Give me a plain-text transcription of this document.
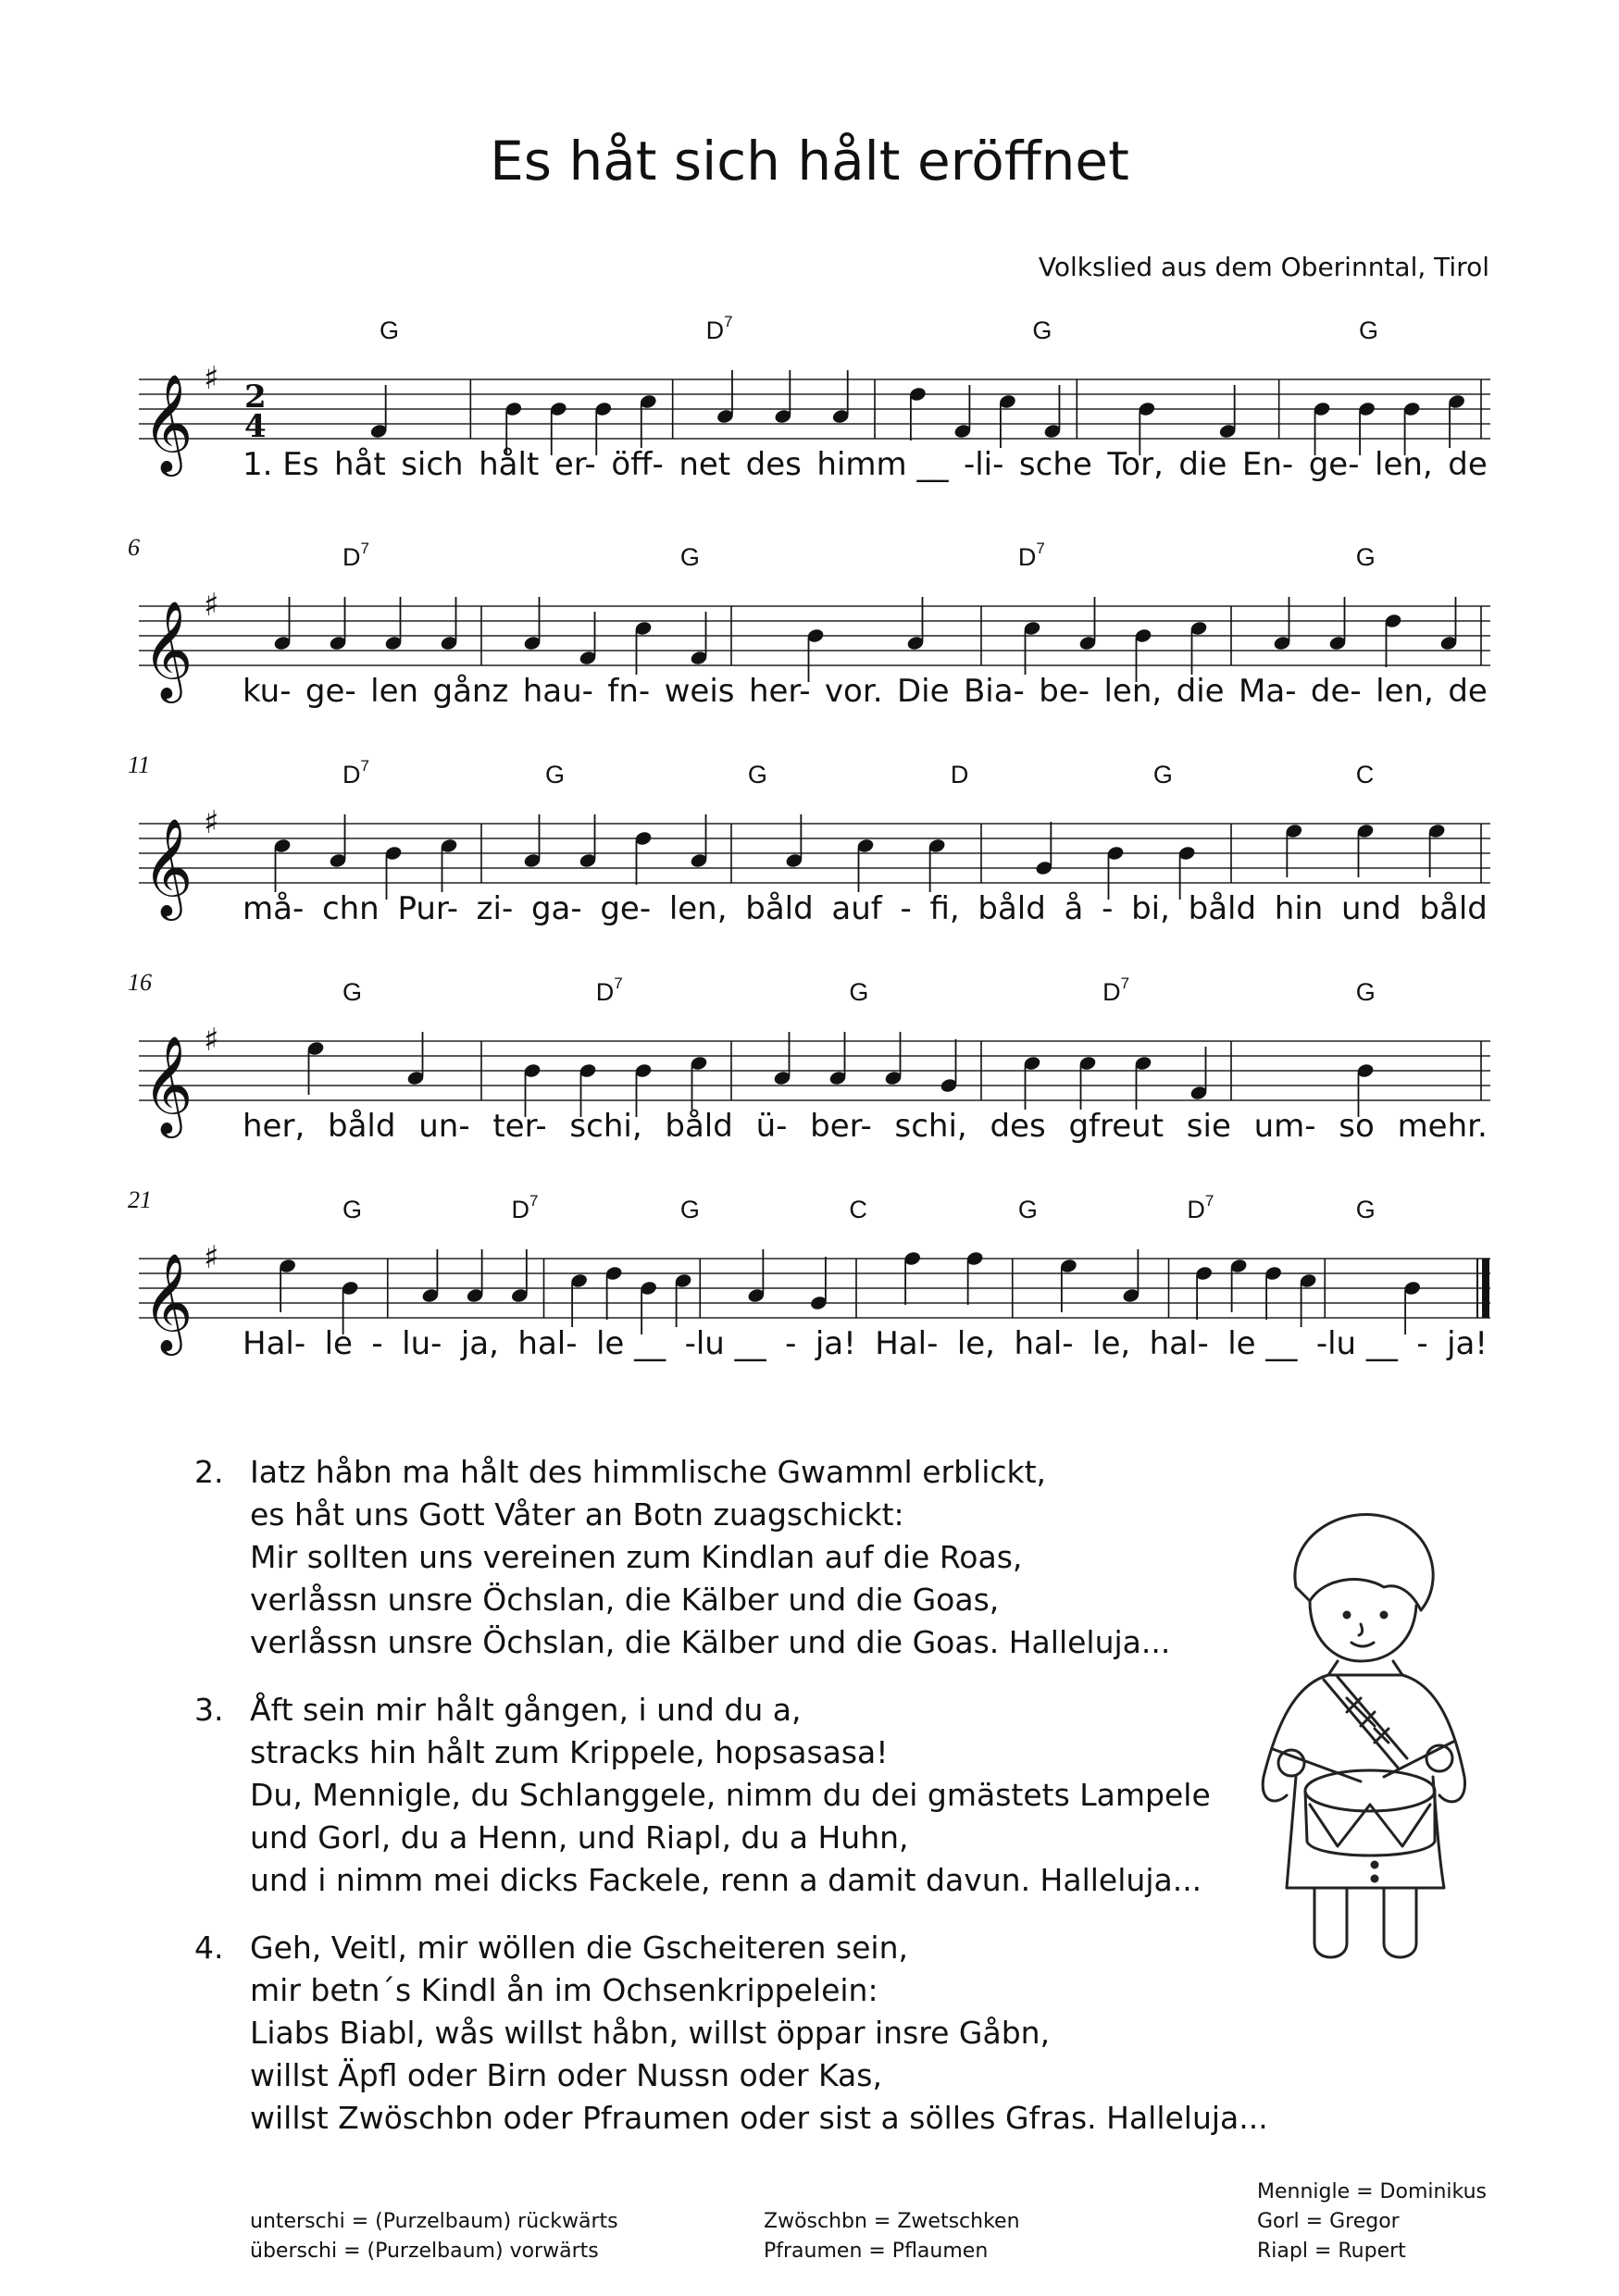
Es håt sich hålt eröffnet
Volkslied aus dem Oberinntal, Tirol
𝄞 ♯ 2
4
G	$D^7$	G	G
1. Es håt sich hålt er- öff- net des himm __ -li- sche Tor, die En- ge- len, de
𝄞 ♯
6	$D^7$	G	$D^7$	G
ku- ge- len gånz hau- fn- weis her- vor. Die Bia- be- len, die Ma- de- len, de
𝄞 ♯
11	$D^7$	G	G	D	G	C
må- chn Pur- zi- ga- ge- len, båld auf - fi, båld å - bi, båld hin und båld
𝄞 ♯
16	G	$D^7$	G	$D^7$	G
her, båld un- ter- schi, båld ü- ber- schi, des gfreut sie um- so mehr.
𝄞 ♯
21	G	$D^7$	G	C	G	$D^7$	G
Hal- le - lu- ja, hal- le __ -lu __ - ja! Hal- le, hal- le, hal- le __ -lu __ - ja!
2. Iatz håbn ma hålt des himmlische Gwamml erblickt,
es håt uns Gott Våter an Botn zuagschickt:
Mir sollten uns vereinen zum Kindlan auf die Roas,
verlåssn unsre Öchslan, die Kälber und die Goas,
verlåssn unsre Öchslan, die Kälber und die Goas. Halleluja...
3. Åft sein mir hålt gången, i und du a,
stracks hin hålt zum Krippele, hopsasasa!
Du, Mennigle, du Schlanggele, nimm du dei gmästets Lampele
und Gorl, du a Henn, und Riapl, du a Huhn,
und i nimm mei dicks Fackele, renn a damit davun. Halleluja...
4. Geh, Veitl, mir wöllen die Gscheiteren sein,
mir betn´s Kindl ån im Ochsenkrippelein:
Liabs Biabl, wås willst håbn, willst öppar insre Gåbn,
willst Äpfl oder Birn oder Nussn oder Kas,
willst Zwöschbn oder Pfraumen oder sist a sölles Gfras. Halleluja...
unterschi = (Purzelbaum) rückwärts
überschi = (Purzelbaum) vorwärts
Zwöschbn = Zwetschken
Pfraumen = Pflaumen
Mennigle = Dominikus
Gorl = Gregor
Riapl = Rupert
